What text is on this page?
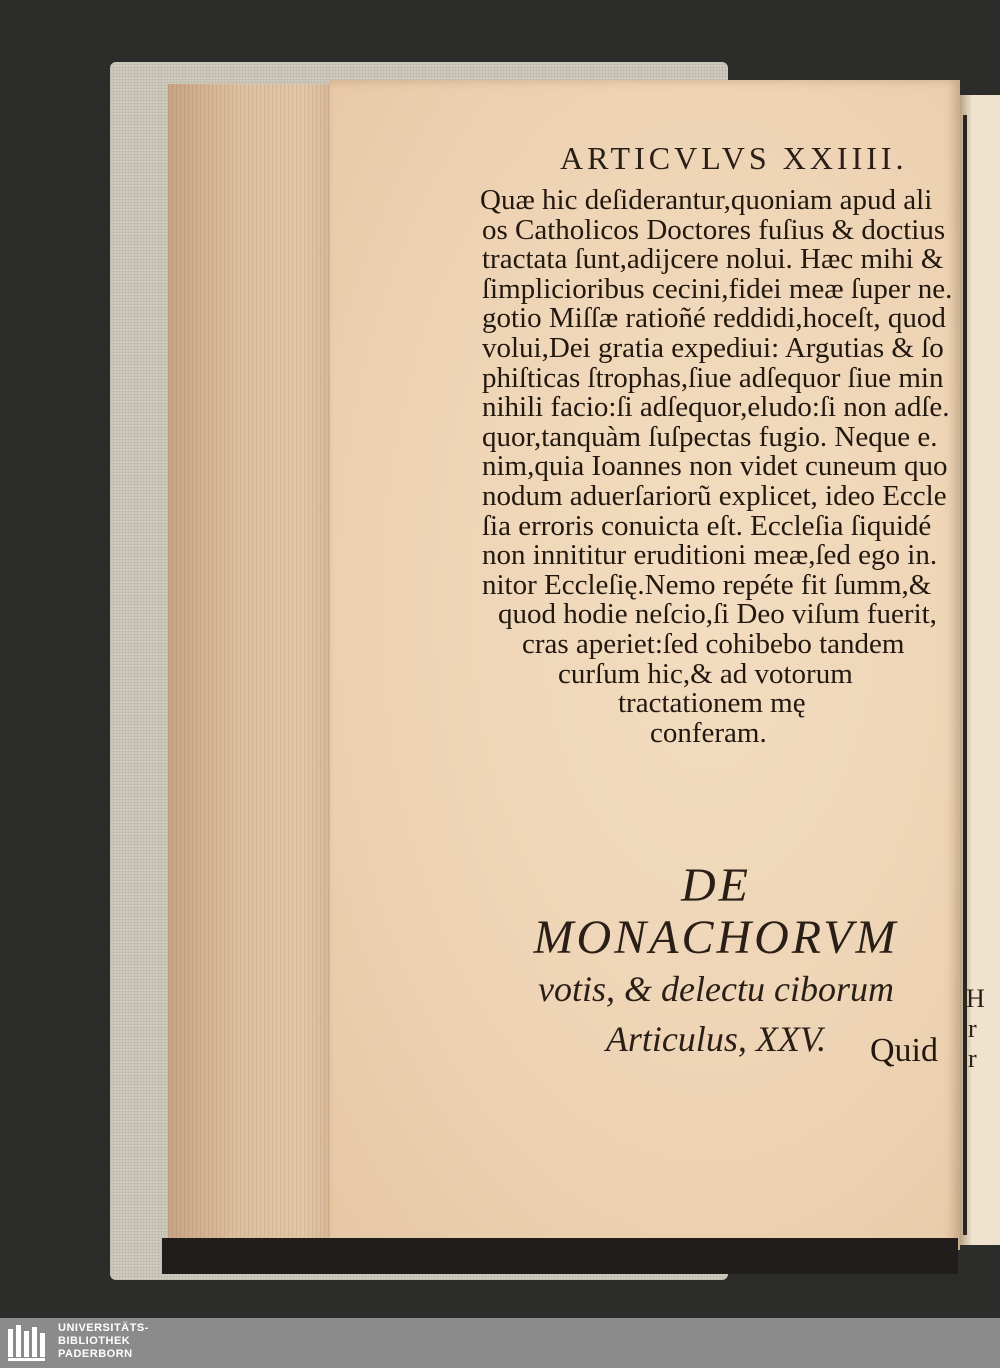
H
r
r
ARTICVLVS XXIIII.
Quæ hic deſiderantur,quoniam apud ali
os Catholicos Doctores fuſius & doctius
tractata ſunt,adijcere nolui. Hæc mihi &
ſimplicioribus cecini,fidei meæ ſuper ne.
gotio Miſſæ ratioñé reddidi,hoceſt, quod
volui,Dei gratia expediui: Argutias & ſo
phiſticas ſtrophas,ſiue adſequor ſiue min
nihili facio:ſi adſequor,eludo:ſi non adſe.
quor,tanquàm ſuſpectas fugio. Neque e.
nim,quia Ioannes non videt cuneum quo
nodum aduerſariorũ explicet, ideo Eccle
ſia erroris conuicta eſt. Eccleſia ſiquidé
non innititur eruditioni meæ,ſed ego in.
nitor Eccleſię.Nemo repéte fit ſumm,&
quod hodie neſcio,ſi Deo viſum fuerit,
cras aperiet:ſed cohibebo tandem
curſum hic,& ad votorum
tractationem mę
conferam.
DE MONACHORVM
votis, & delectu ciborum
Articulus, XXV.	Quid
UNIVERSITÄTS-
BIBLIOTHEK
PADERBORN
